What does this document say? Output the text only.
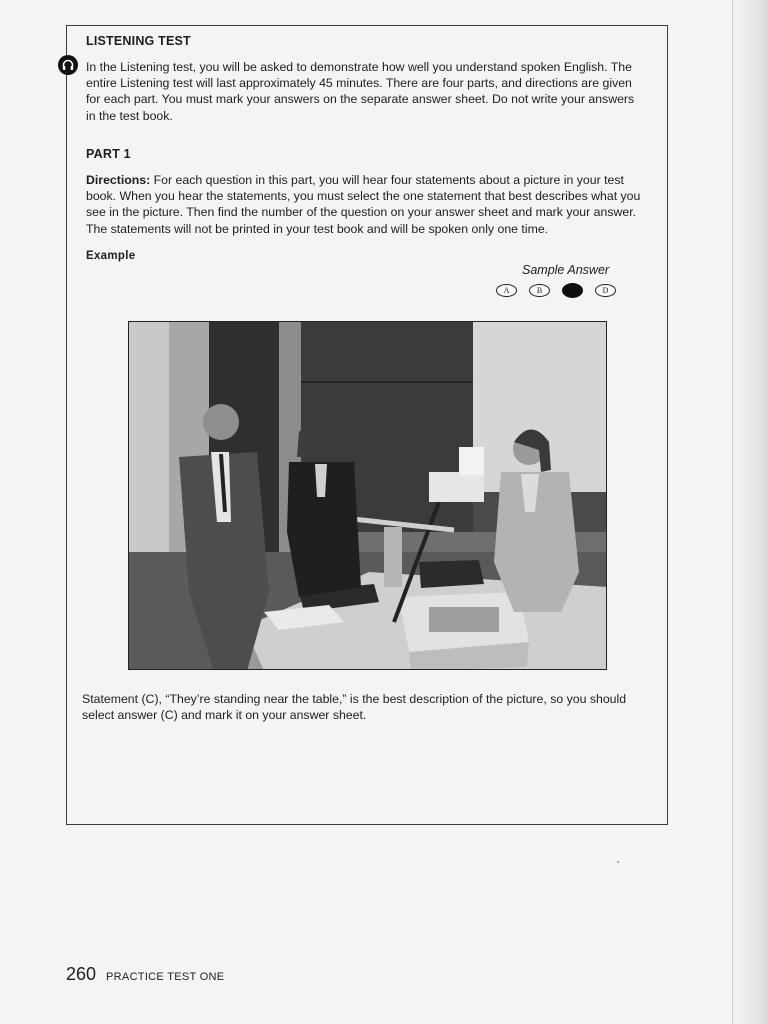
LISTENING TEST
In the Listening test, you will be asked to demonstrate how well you understand spoken English. The entire Listening test will last approximately 45 minutes. There are four parts, and directions are given for each part. You must mark your answers on the separate answer sheet. Do not write your answers in the test book.
PART 1
Directions: For each question in this part, you will hear four statements about a picture in your test book. When you hear the statements, you must select the one statement that best describes what you see in the picture. Then find the number of the question on your answer sheet and mark your answer. The statements will not be printed in your test book and will be spoken only one time.
Example
Sample Answer
A	B	D
Statement (C), “They’re standing near the table,” is the best description of the picture, so you should select answer (C) and mark it on your answer sheet.
260 PRACTICE TEST ONE
